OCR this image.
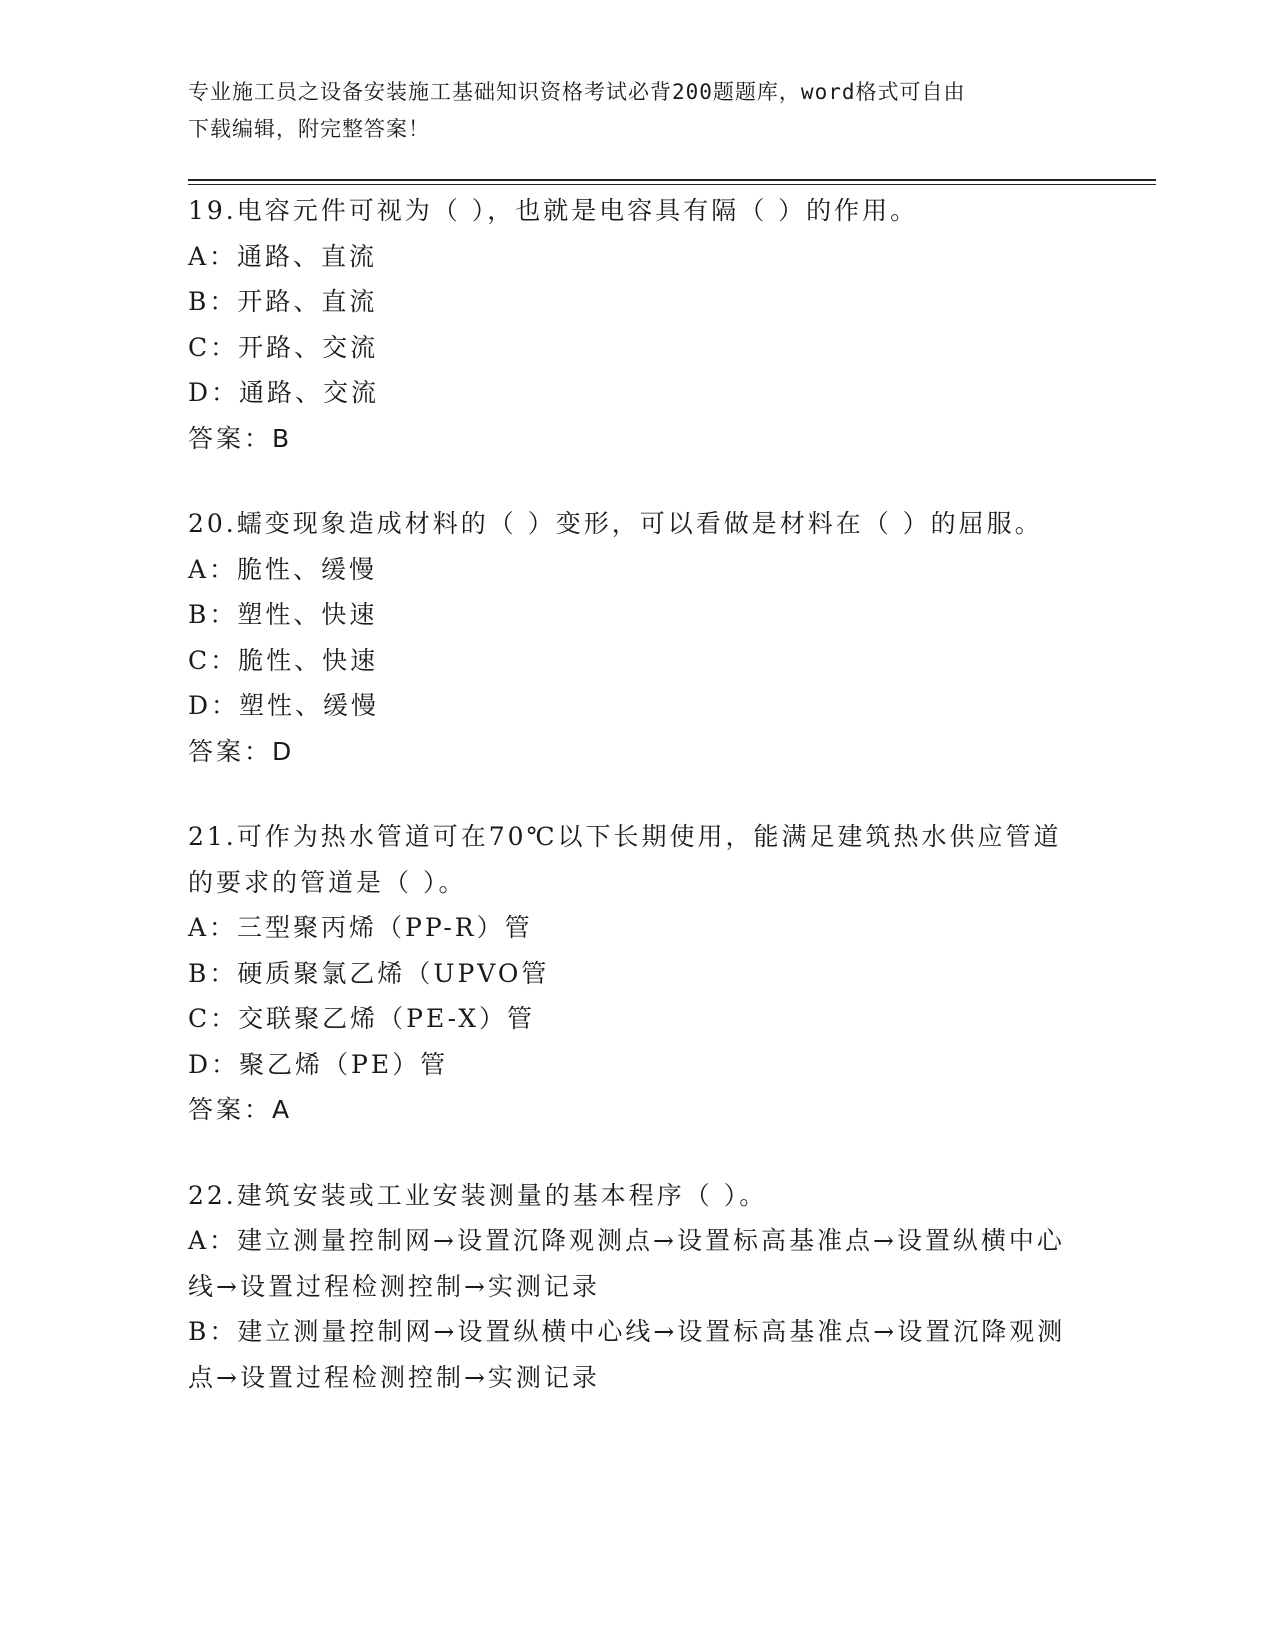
专业施工员之设备安装施工基础知识资格考试必背200题题库，word格式可自由
下载编辑，附完整答案！
19.电容元件可视为（ ），也就是电容具有隔（ ）的作用。
A：通路、直流
B：开路、直流
C：开路、交流
D：通路、交流
答案：B
20.蠕变现象造成材料的（ ）变形，可以看做是材料在（ ）的屈服。
A：脆性、缓慢
B：塑性、快速
C：脆性、快速
D：塑性、缓慢
答案：D
21.可作为热水管道可在70℃以下长期使用，能满足建筑热水供应管道的要求的管道是（ ）。
A：三型聚丙烯（PP-R）管
B：硬质聚氯乙烯（UPVO管
C：交联聚乙烯（PE-X）管
D：聚乙烯（PE）管
答案：A
22.建筑安装或工业安装测量的基本程序（ ）。
A：建立测量控制网→设置沉降观测点→设置标高基准点→设置纵横中心线→设置过程检测控制→实测记录
B：建立测量控制网→设置纵横中心线→设置标高基准点→设置沉降观测点→设置过程检测控制→实测记录
